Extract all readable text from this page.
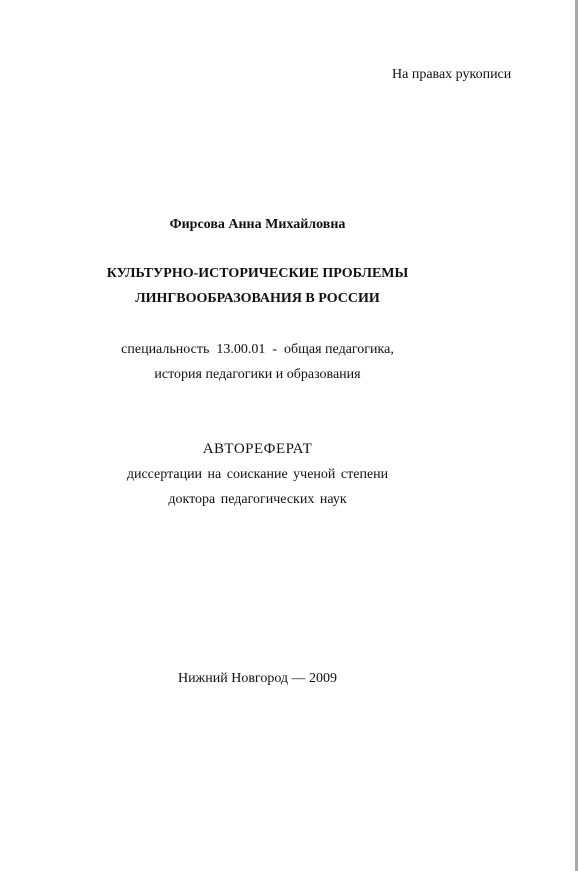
На правах рукописи
Фирсова Анна Михайловна
КУЛЬТУРНО-ИСТОРИЧЕСКИЕ ПРОБЛЕМЫ
ЛИНГВООБРАЗОВАНИЯ В РОССИИ
специальность  13.00.01  -  общая педагогика,
история педагогики и образования
АВТОРЕФЕРАТ
диссертации на соискание ученой степени
доктора педагогических наук
Нижний Новгород — 2009
